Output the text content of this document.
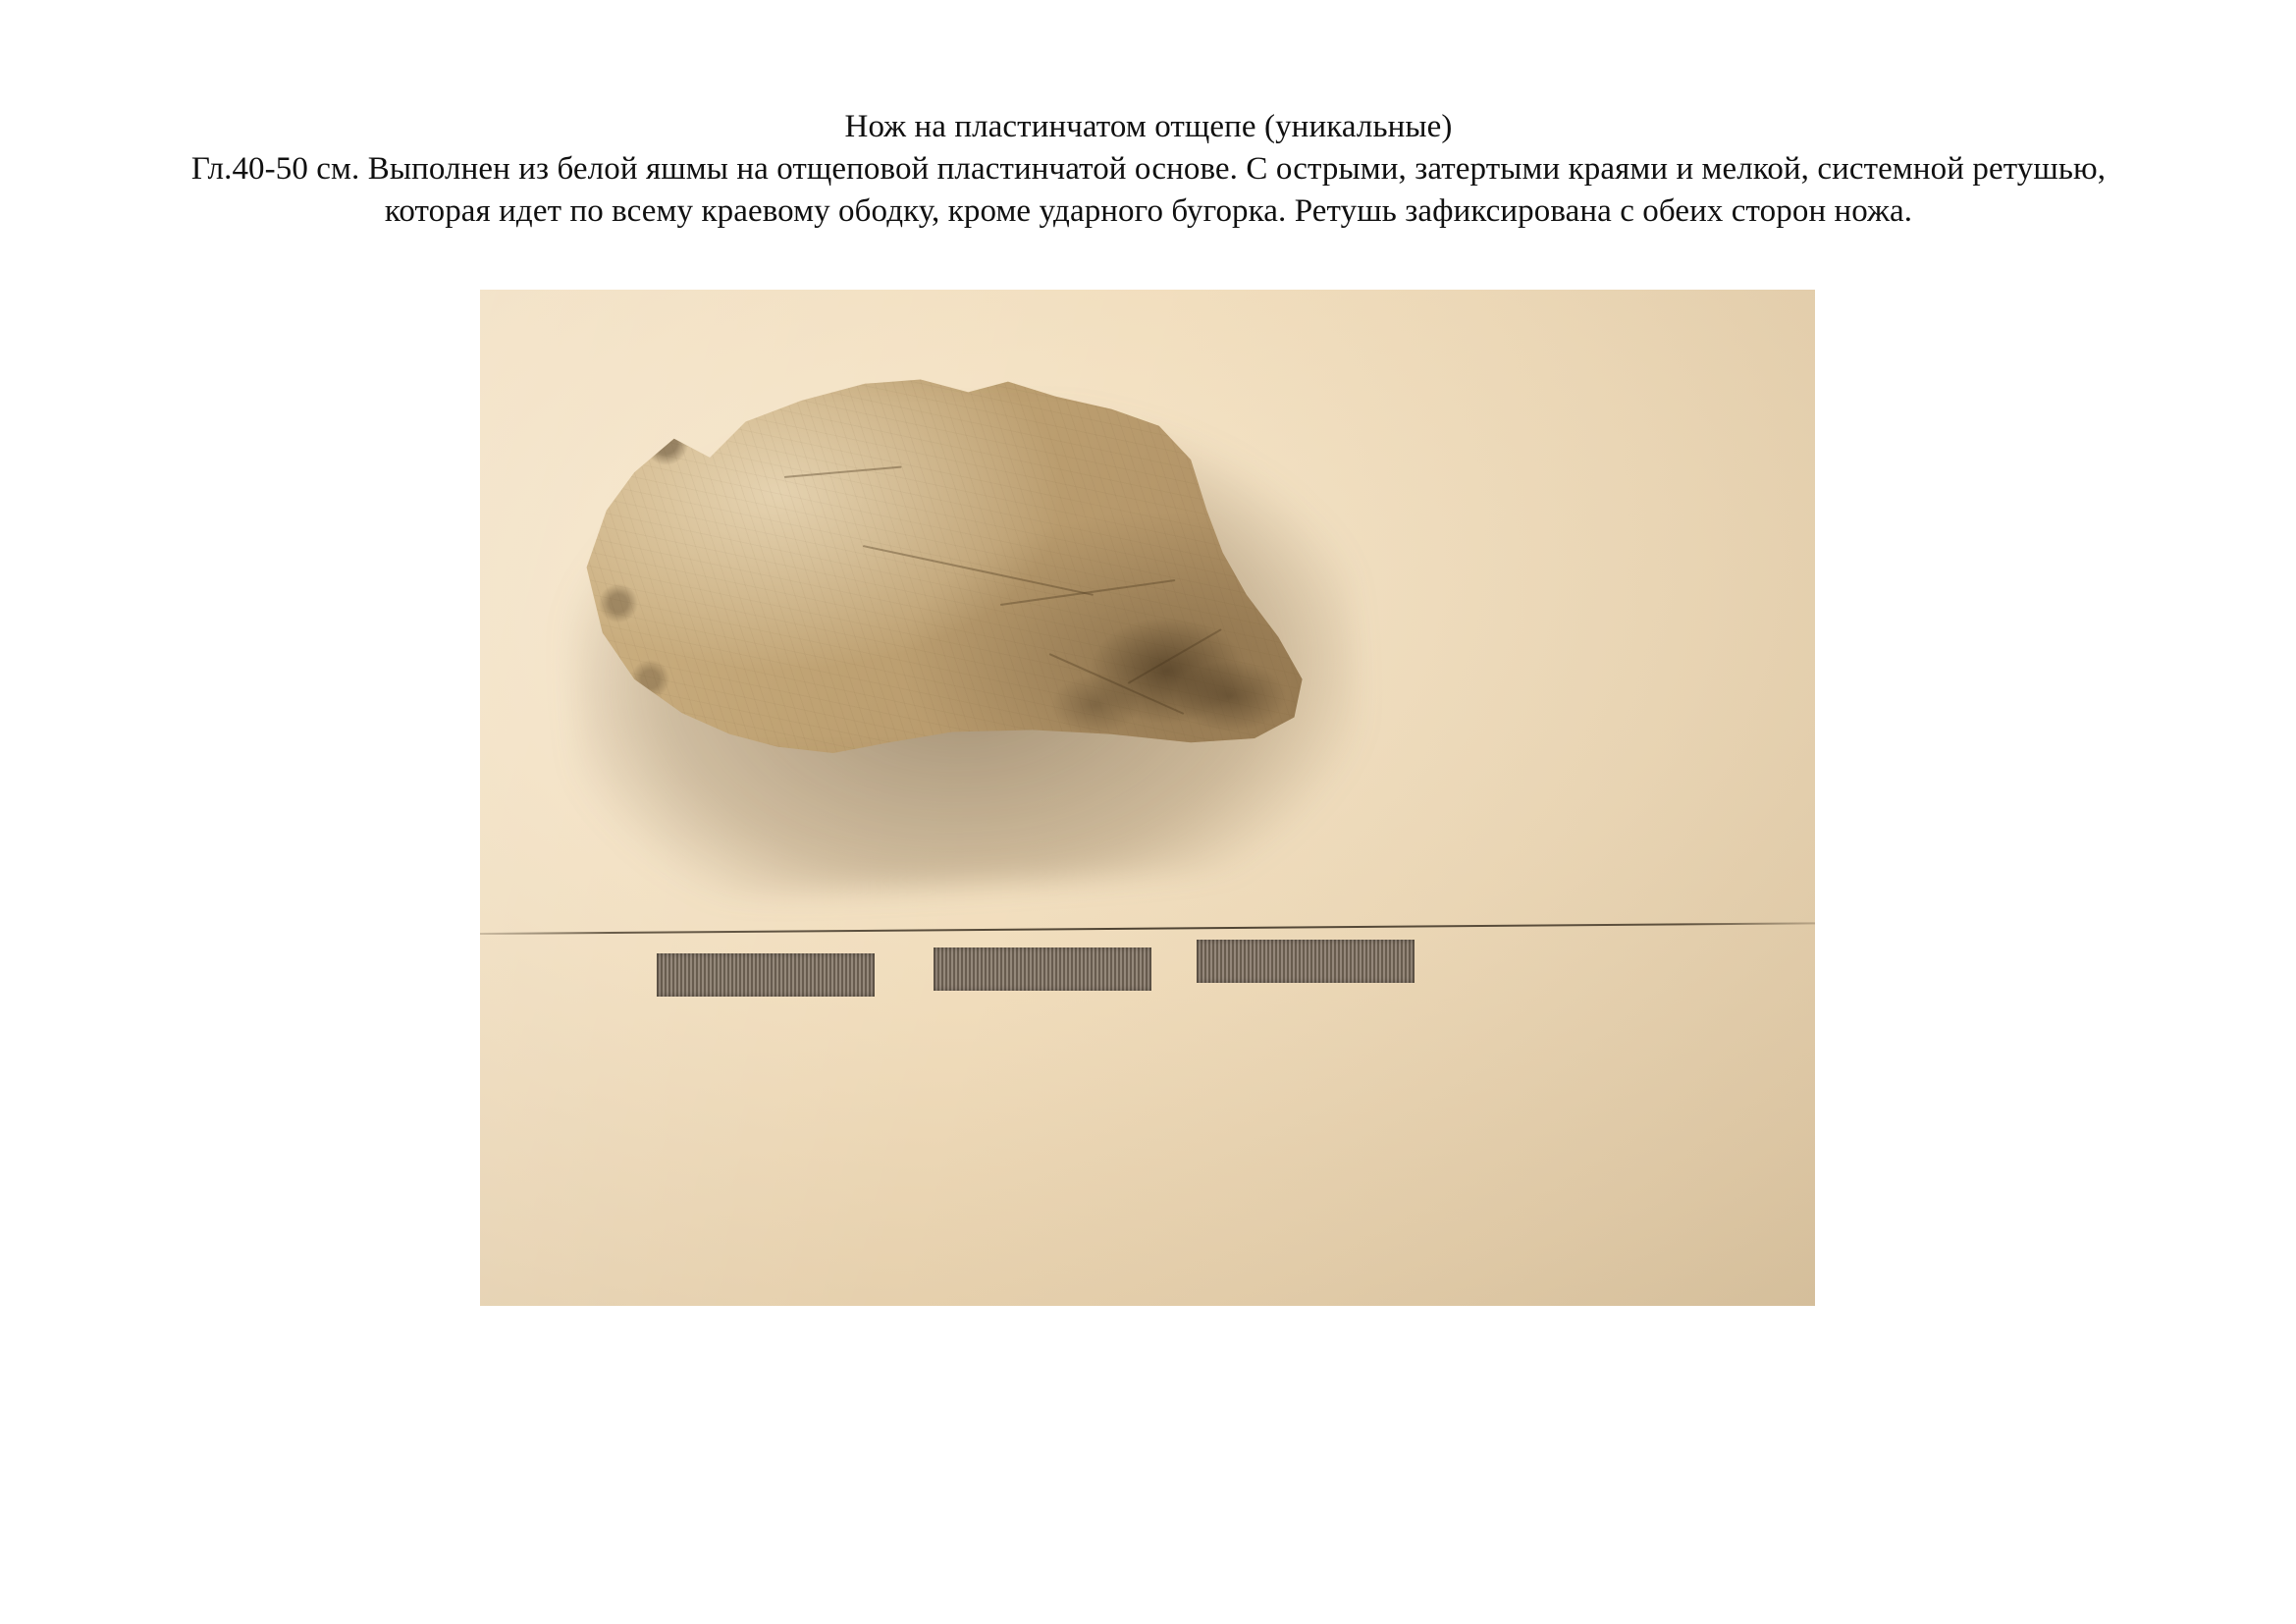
Нож на пластинчатом отщепе (уникальные)
Гл.40-50 см. Выполнен из белой яшмы на отщеповой пластинчатой основе. С острыми, затертыми краями и мелкой, системной ретушью, которая идет по всему краевому ободку, кроме ударного бугорка. Ретушь зафиксирована с обеих сторон ножа.
